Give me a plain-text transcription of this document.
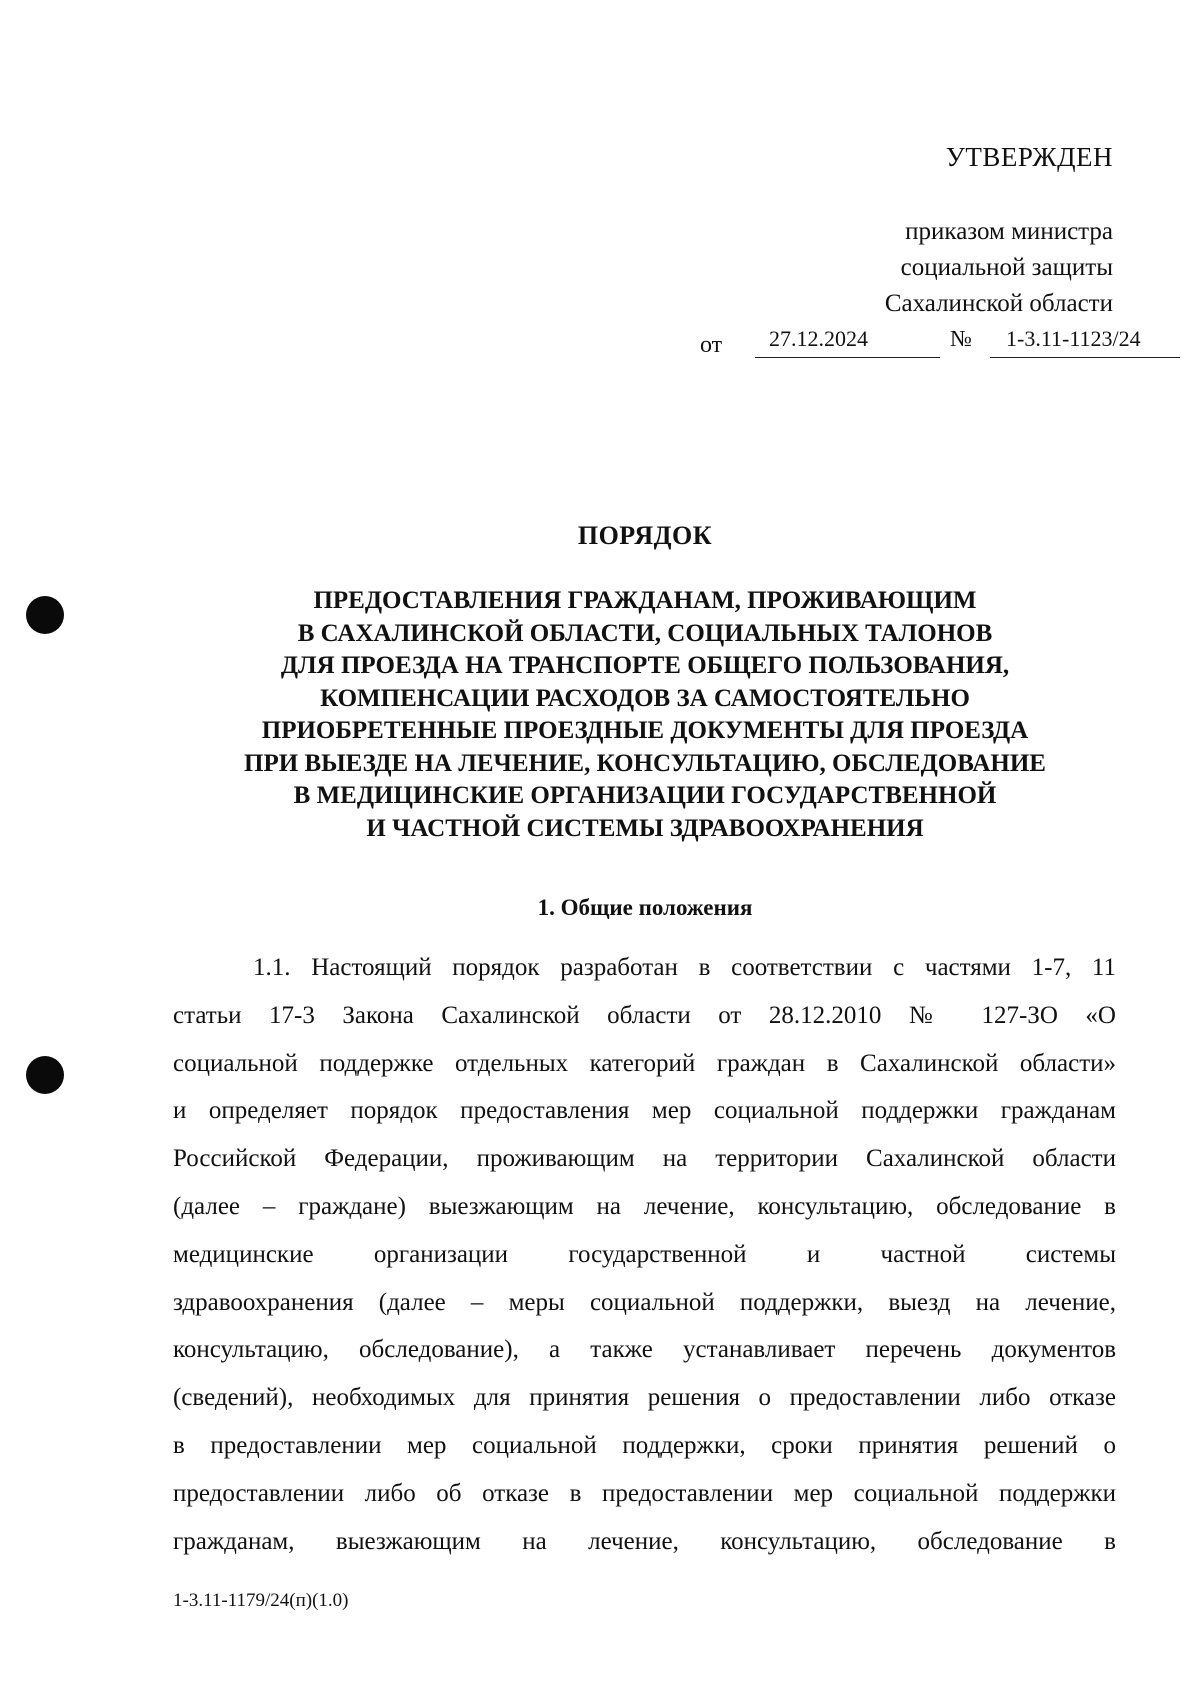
УТВЕРЖДЕН
приказом министра
социальной защиты
Сахалинской области
от	27.12.2024	№	1-3.11-1123/24
ПОРЯДОК
ПРЕДОСТАВЛЕНИЯ ГРАЖДАНАМ, ПРОЖИВАЮЩИМ
В САХАЛИНСКОЙ ОБЛАСТИ, СОЦИАЛЬНЫХ ТАЛОНОВ
ДЛЯ ПРОЕЗДА НА ТРАНСПОРТЕ ОБЩЕГО ПОЛЬЗОВАНИЯ,
КОМПЕНСАЦИИ РАСХОДОВ ЗА САМОСТОЯТЕЛЬНО
ПРИОБРЕТЕННЫЕ ПРОЕЗДНЫЕ ДОКУМЕНТЫ ДЛЯ ПРОЕЗДА
ПРИ ВЫЕЗДЕ НА ЛЕЧЕНИЕ, КОНСУЛЬТАЦИЮ, ОБСЛЕДОВАНИЕ
В МЕДИЦИНСКИЕ ОРГАНИЗАЦИИ ГОСУДАРСТВЕННОЙ
И ЧАСТНОЙ СИСТЕМЫ ЗДРАВООХРАНЕНИЯ
1. Общие положения
1.1. Настоящий порядок разработан в соответствии с частями 1-7, 11
статьи 17-3 Закона Сахалинской области от 28.12.2010 № 127-ЗО «О
социальной поддержке отдельных категорий граждан в Сахалинской области»
и определяет порядок предоставления мер социальной поддержки гражданам
Российской Федерации, проживающим на территории Сахалинской области
(далее – граждане) выезжающим на лечение, консультацию, обследование в
медицинские организации государственной и частной системы
здравоохранения (далее – меры социальной поддержки, выезд на лечение,
консультацию, обследование), а также устанавливает перечень документов
(сведений), необходимых для принятия решения о предоставлении либо отказе
в предоставлении мер социальной поддержки, сроки принятия решений о
предоставлении либо об отказе в предоставлении мер социальной поддержки
гражданам, выезжающим на лечение, консультацию, обследование в
1-3.11-1179/24(п)(1.0)
